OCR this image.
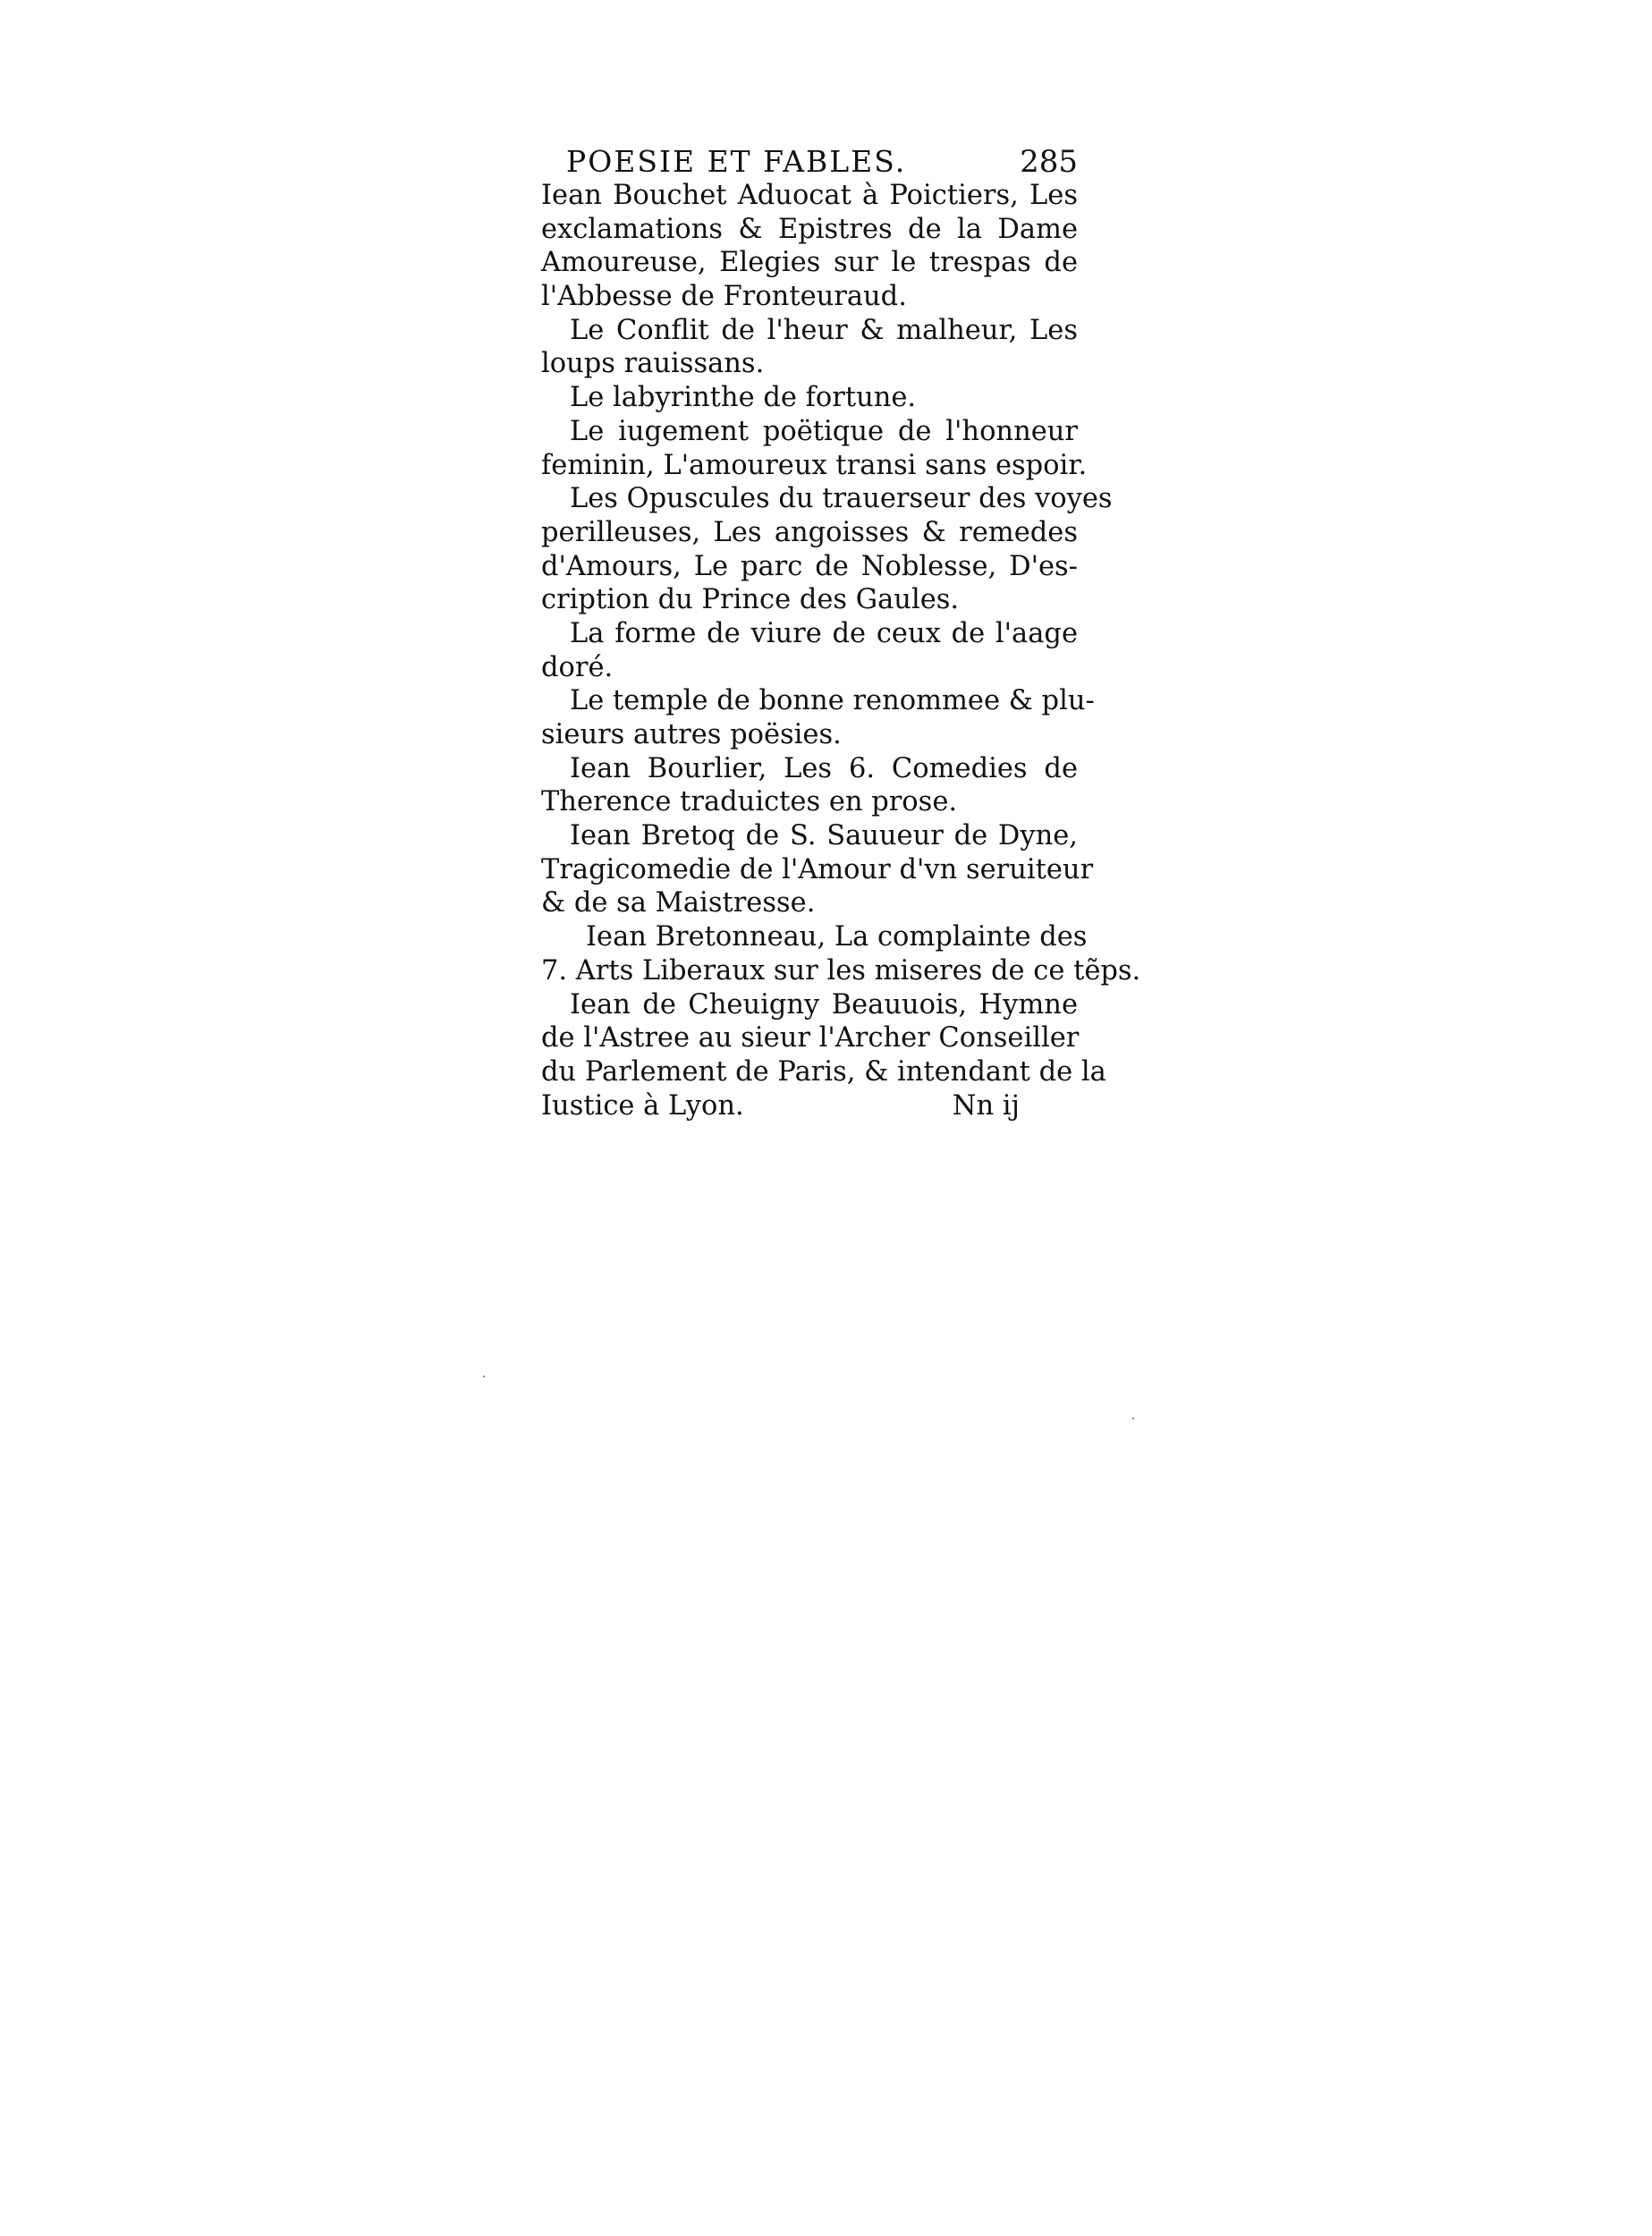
POESIE ET FABLES.	285
Iean Bouchet Aduocat à Poictiers, Les
exclamations & Epistres de la Dame
Amoureuse, Elegies sur le trespas de
l'Abbesse de Fronteuraud.
Le Conflit de l'heur & malheur, Les
loups rauissans.
Le labyrinthe de fortune.
Le iugement poëtique de l'honneur
feminin, L'amoureux transi sans espoir.
Les Opuscules du trauerseur des voyes
perilleuses, Les angoisses & remedes
d'Amours, Le parc de Noblesse, D'es-
cription du Prince des Gaules.
La forme de viure de ceux de l'aage
doré.
Le temple de bonne renommee & plu-
sieurs autres poësies.
Iean Bourlier, Les 6. Comedies de
Therence traduictes en prose.
Iean Bretoq de S. Sauueur de Dyne,
Tragicomedie de l'Amour d'vn seruiteur
& de sa Maistresse.
Iean Bretonneau, La complainte des
7. Arts Liberaux sur les miseres de ce tẽps.
Iean de Cheuigny Beauuois, Hymne
de l'Astree au sieur l'Archer Conseiller
du Parlement de Paris, & intendant de la
Iustice à Lyon.	Nn ij
